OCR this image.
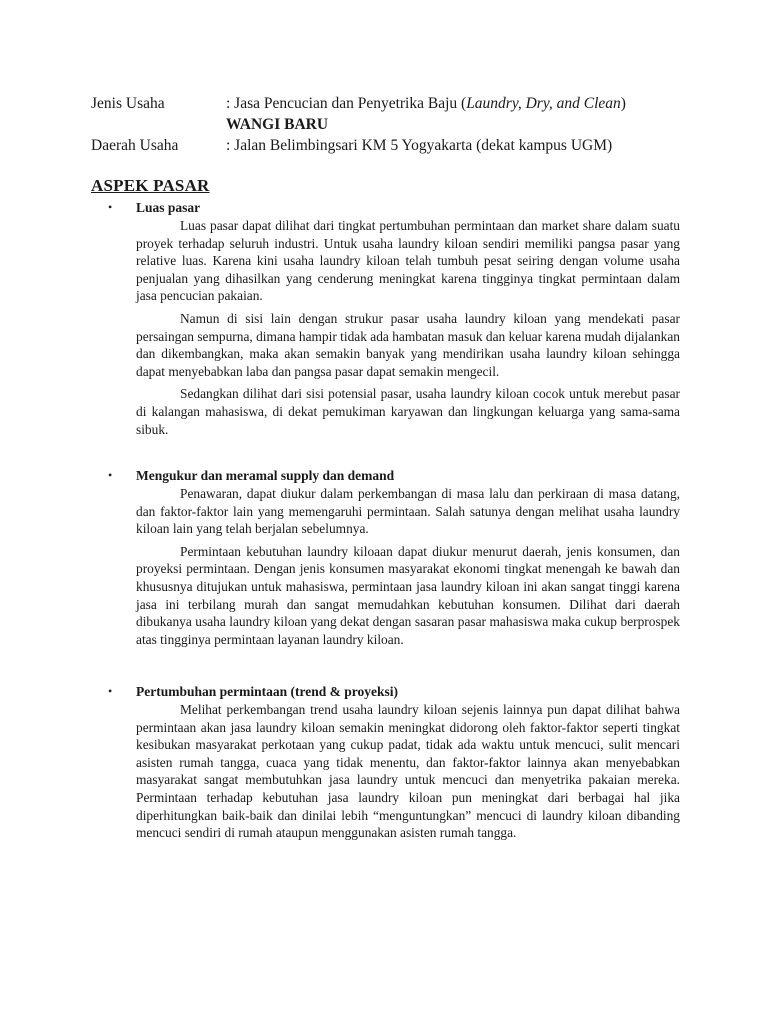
Jenis Usaha	: Jasa Pencucian dan Penyetrika Baju (Laundry, Dry, and Clean) WANGI BARU
Daerah Usaha	: Jalan Belimbingsari KM 5 Yogyakarta (dekat kampus UGM)
ASPEK PASAR
•	Luas pasar

Luas pasar dapat dilihat dari tingkat pertumbuhan permintaan dan market share dalam suatu proyek terhadap seluruh industri. Untuk usaha laundry kiloan sendiri memiliki pangsa pasar yang relative luas. Karena kini usaha laundry kiloan telah tumbuh pesat seiring dengan volume usaha penjualan yang dihasilkan yang cenderung meningkat karena tingginya tingkat permintaan dalam jasa pencucian pakaian.

Namun di sisi lain dengan strukur pasar usaha laundry kiloan yang mendekati pasar persaingan sempurna, dimana hampir tidak ada hambatan masuk dan keluar karena mudah dijalankan dan dikembangkan, maka akan semakin banyak yang mendirikan usaha laundry kiloan sehingga dapat menyebabkan laba dan pangsa pasar dapat semakin mengecil.

Sedangkan dilihat dari sisi potensial pasar, usaha laundry kiloan cocok untuk merebut pasar di kalangan mahasiswa, di dekat pemukiman karyawan dan lingkungan keluarga yang sama-sama sibuk.

•	Mengukur dan meramal supply dan demand

Penawaran, dapat diukur dalam perkembangan di masa lalu dan perkiraan di masa datang, dan faktor-faktor lain yang memengaruhi permintaan. Salah satunya dengan melihat usaha laundry kiloan lain yang telah berjalan sebelumnya.

Permintaan kebutuhan laundry kiloaan dapat diukur menurut daerah, jenis konsumen, dan proyeksi permintaan. Dengan jenis konsumen masyarakat ekonomi tingkat menengah ke bawah dan khususnya ditujukan untuk mahasiswa, permintaan jasa laundry kiloan ini akan sangat tinggi karena jasa ini terbilang murah dan sangat memudahkan kebutuhan konsumen. Dilihat dari daerah dibukanya usaha laundry kiloan yang dekat dengan sasaran pasar mahasiswa maka cukup berprospek atas tingginya permintaan layanan laundry kiloan.

•	Pertumbuhan permintaan (trend & proyeksi)

Melihat perkembangan trend usaha laundry kiloan sejenis lainnya pun dapat dilihat bahwa permintaan akan jasa laundry kiloan semakin meningkat didorong oleh faktor-faktor seperti tingkat kesibukan masyarakat perkotaan yang cukup padat, tidak ada waktu untuk mencuci, sulit mencari asisten rumah tangga, cuaca yang tidak menentu, dan faktor-faktor lainnya akan menyebabkan masyarakat sangat membutuhkan jasa laundry untuk mencuci dan menyetrika pakaian mereka. Permintaan terhadap kebutuhan jasa laundry kiloan pun meningkat dari berbagai hal jika diperhitungkan baik-baik dan dinilai lebih “menguntungkan” mencuci di laundry kiloan dibanding mencuci sendiri di rumah ataupun menggunakan asisten rumah tangga.
